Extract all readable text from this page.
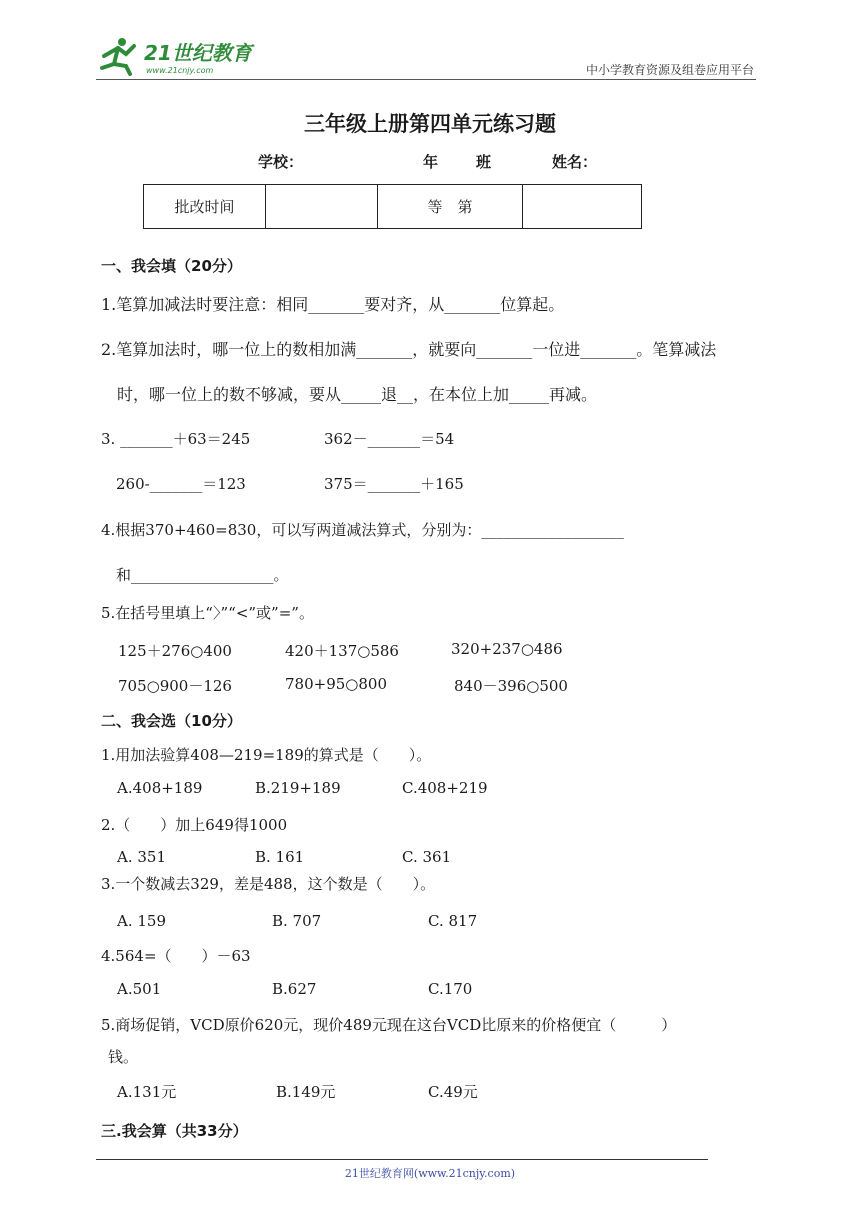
21世纪教育
www.21cnjy.com	中小学教育资源及组卷应用平台
三年级上册第四单元练习题
学校：	年	班	姓名：
批改时间		等　第	
一、我会填（20分）
1.笔算加减法时要注意：相同_______要对齐，从_______位算起。
2.笔算加法时，哪一位上的数相加满_______，就要向_______一位进_______。笔算减法
时，哪一位上的数不够减，要从_____退__，在本位上加_____再减。
3. _______＋63＝245	362－_______＝54
260-_______＝123	375＝_______＋165
4.根据370+460=830，可以写两道减法算式，分别为：___________________
和___________________。
5.在括号里填上“〉”“<”或”=”。
125＋276○400	420＋137○586	320+237○486
705○900－126	780+95○800	840－396○500
二、我会选（10分）
1.用加法验算408—219=189的算式是（　　）。
A.408+189	B.219+189	C.408+219
2.（　　）加上649得1000
A. 351	B. 161	C. 361
3.一个数减去329，差是488，这个数是（　　）。
A. 159	B. 707	C. 817
4.564=（　　）－63
A.501	B.627	C.170
5.商场促销，VCD原价620元，现价489元现在这台VCD比原来的价格便宜（　　　）
钱。
A.131元	B.149元	C.49元
三.我会算（共33分）
21世纪教育网(www.21cnjy.com)
